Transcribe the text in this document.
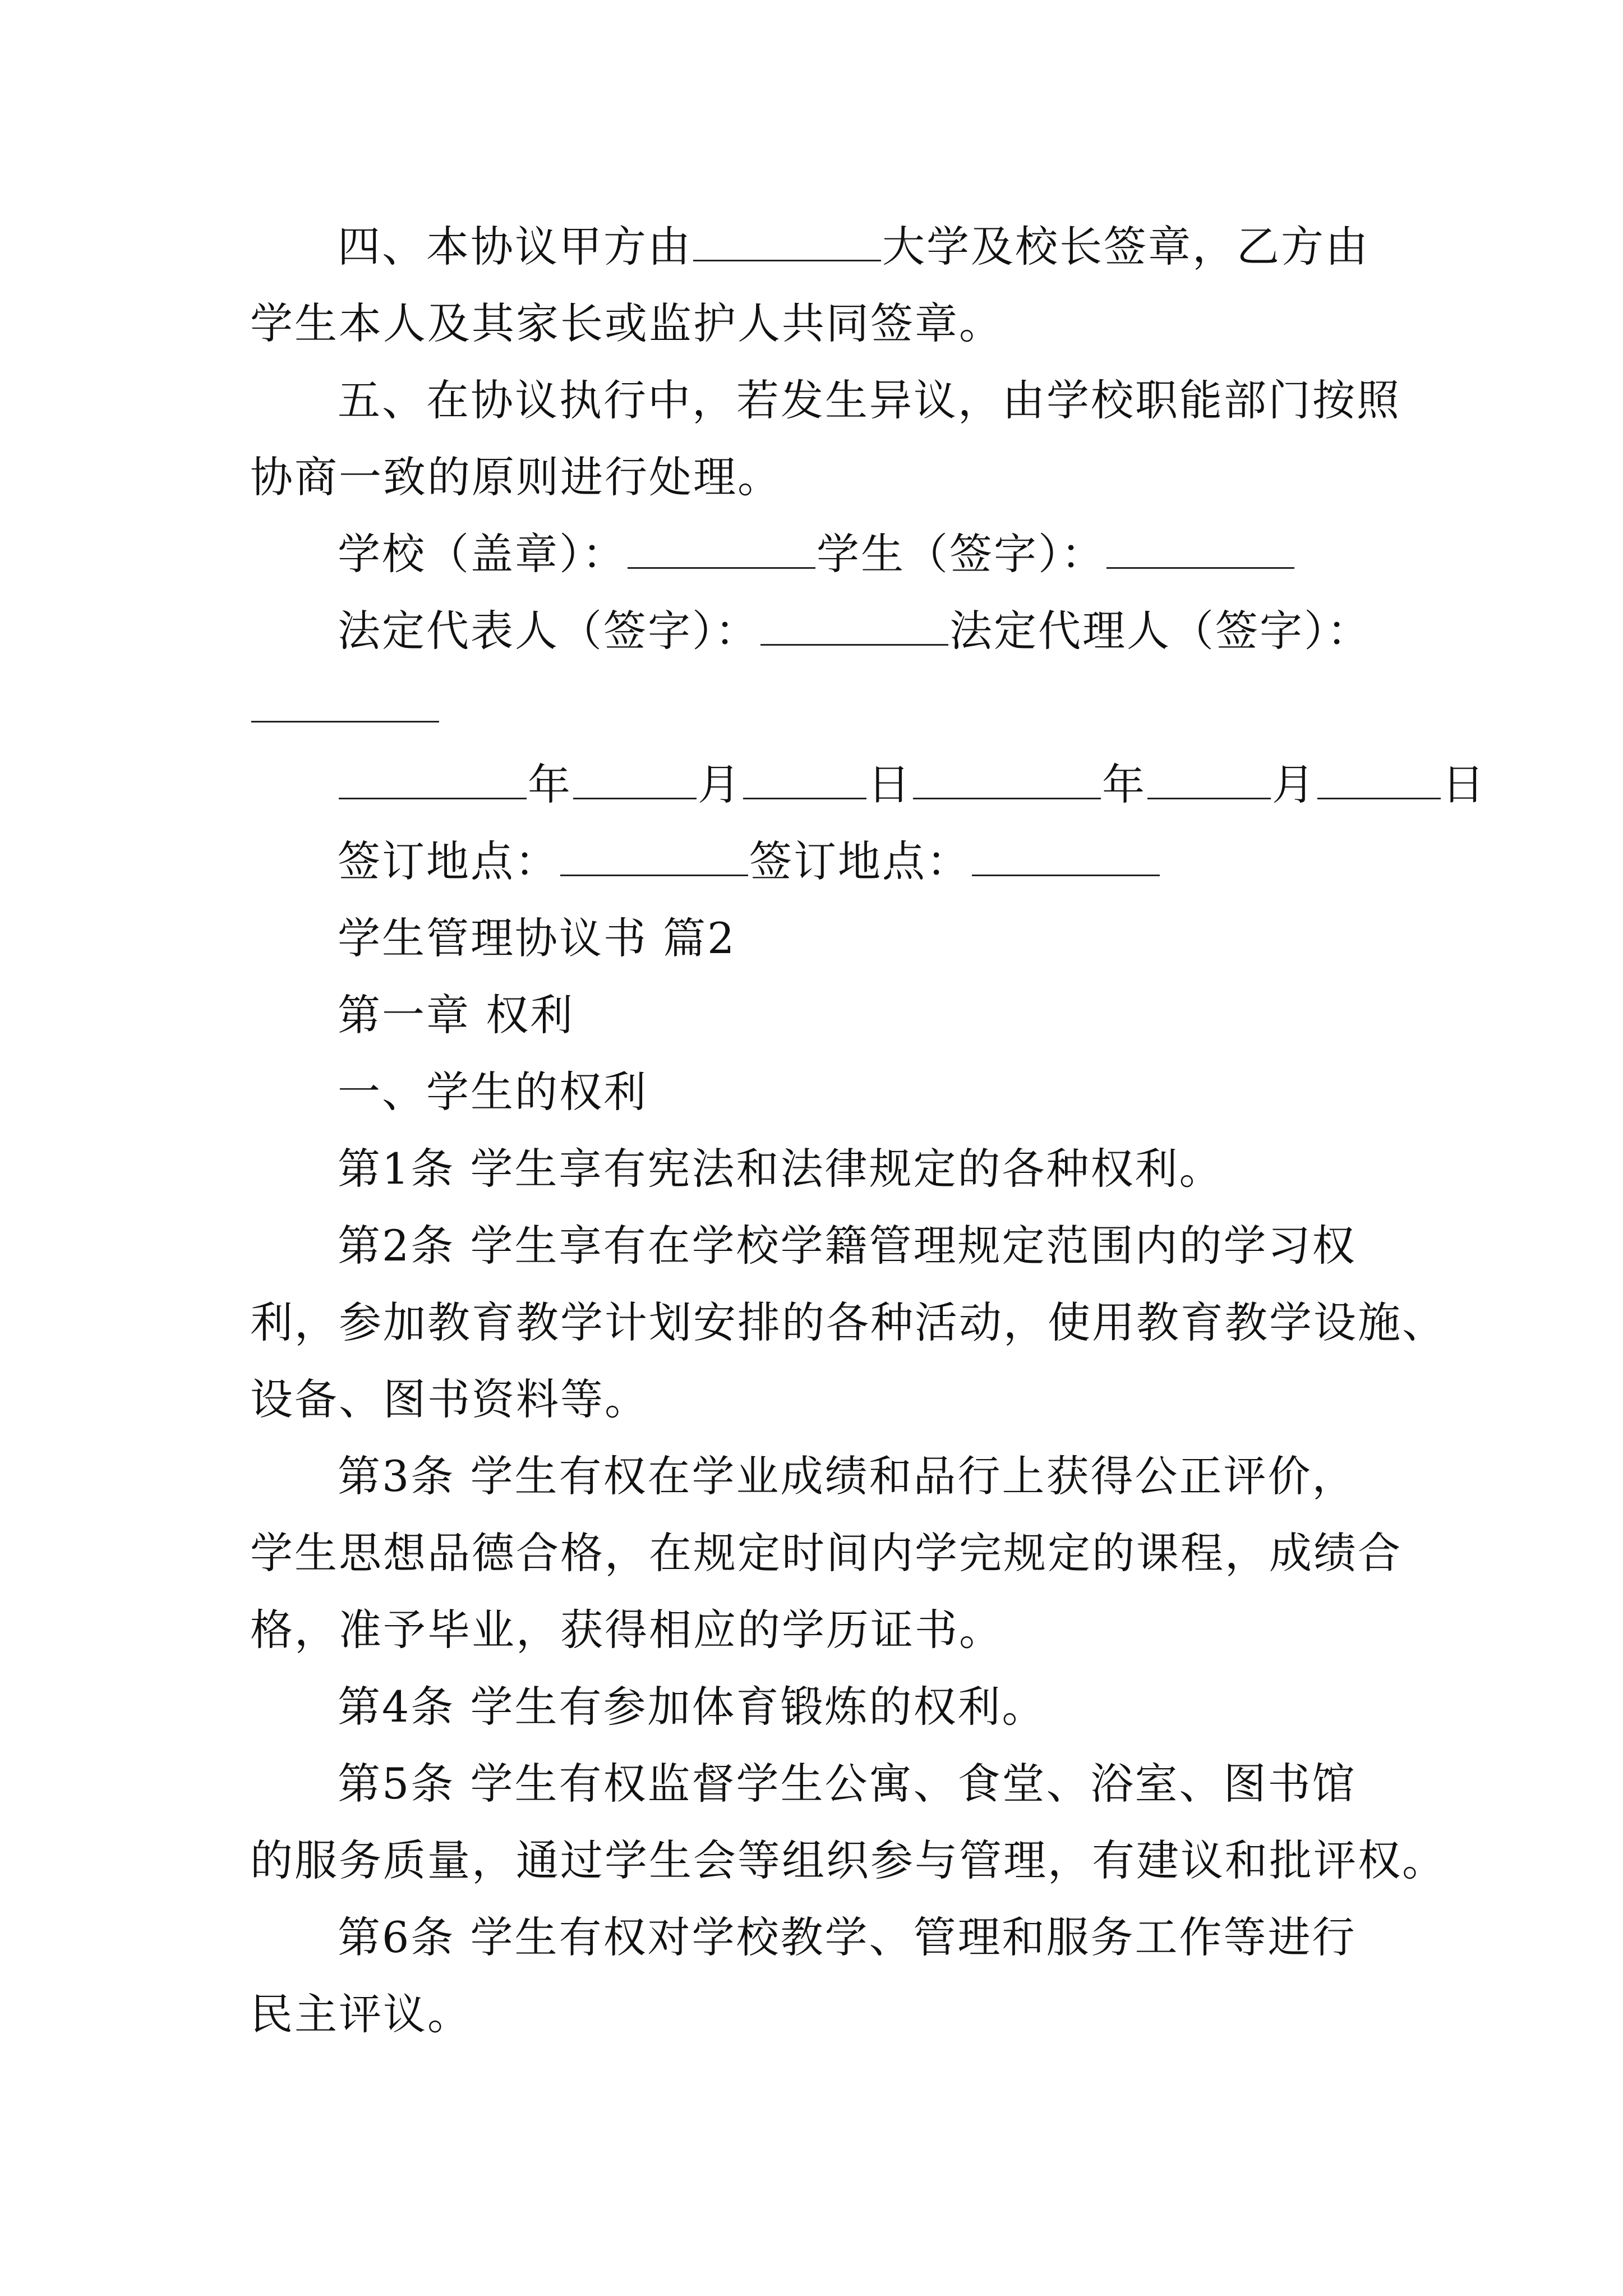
四、本协议甲方由	大学及校长签章，乙方由
学生本人及其家长或监护人共同签章。
五、在协议执行中，若发生异议，由学校职能部门按照
协商一致的原则进行处理。
学校（盖章）：	学生（签字）：
法定代表人（签字）：	法定代理人（签字）：
年	月	日	年	月	日
签订地点：	签订地点：
学生管理协议书 篇2
第一章 权利
一、学生的权利
第1条 学生享有宪法和法律规定的各种权利。
第2条 学生享有在学校学籍管理规定范围内的学习权
利，参加教育教学计划安排的各种活动，使用教育教学设施、
设备、图书资料等。
第3条 学生有权在学业成绩和品行上获得公正评价，
学生思想品德合格，在规定时间内学完规定的课程，成绩合
格，准予毕业，获得相应的学历证书。
第4条 学生有参加体育锻炼的权利。
第5条 学生有权监督学生公寓、食堂、浴室、图书馆
的服务质量，通过学生会等组织参与管理，有建议和批评权。
第6条 学生有权对学校教学、管理和服务工作等进行
民主评议。
